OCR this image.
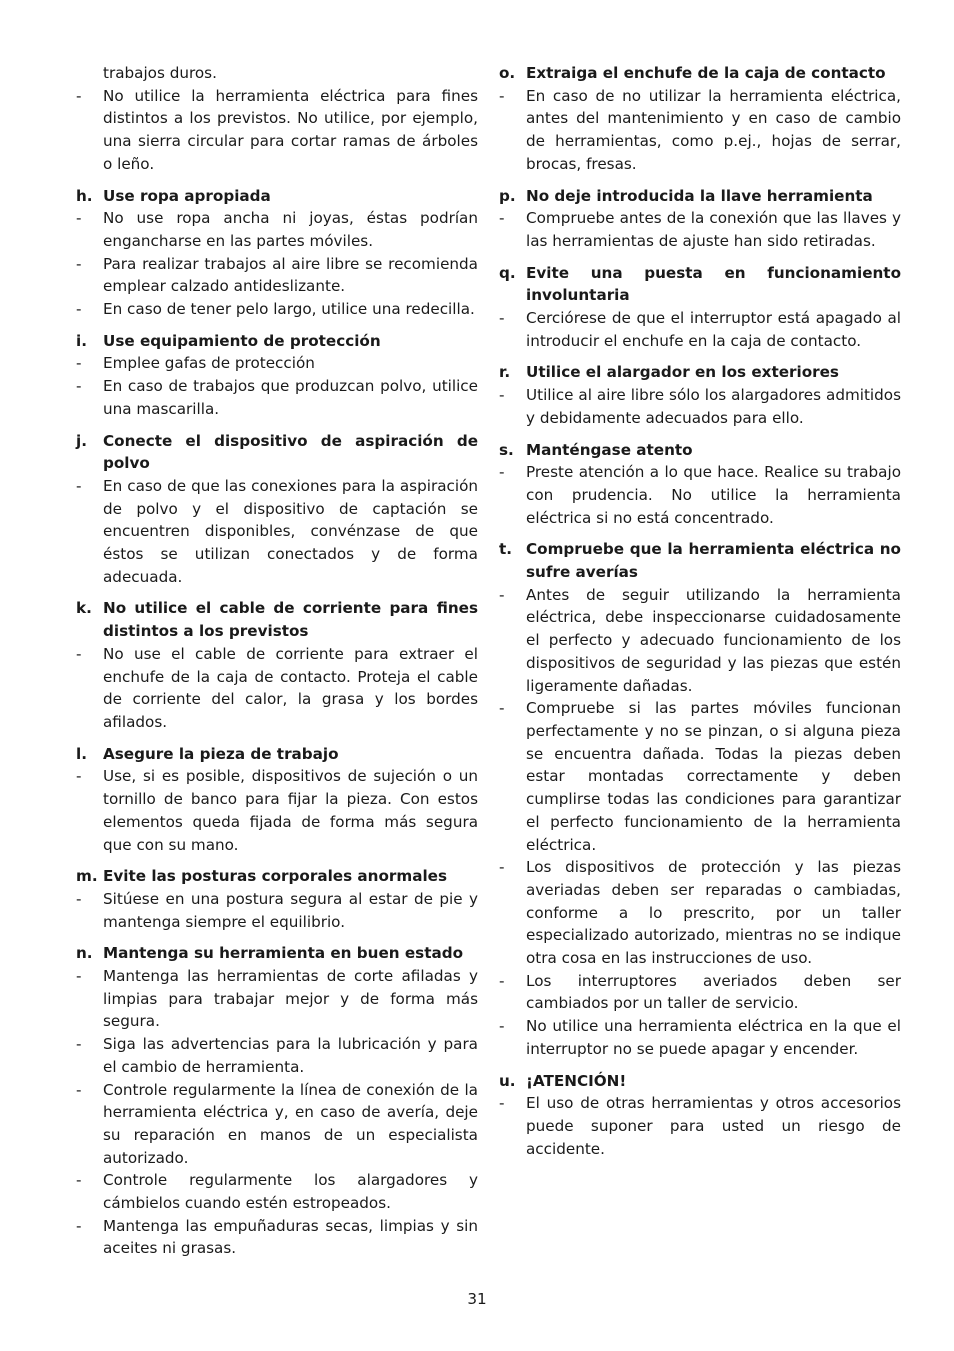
trabajos duros.
-	No utilice la herramienta eléctrica para fines distintos a los previstos. No utilice, por ejemplo, una sierra circular para cortar ramas de árboles o leño.
h. Use ropa apropiada
-	No use ropa ancha ni joyas, éstas podrían engancharse en las partes móviles.
-	Para realizar trabajos al aire libre se recomienda emplear calzado antideslizante.
-	En caso de tener pelo largo, utilice una redecilla.
i.	Use equipamiento de protección
-	Emplee gafas de protección
-	En caso de trabajos que produzcan polvo, utilice una mascarilla.
j.	Conecte el dispositivo de aspiración de polvo
-	En caso de que las conexiones para la aspiración de polvo y el dispositivo de captación se encuentren disponibles, convénzase de que éstos se utilizan conectados y de forma adecuada.
k. No utilice el cable de corriente para fines distintos a los previstos
-	No use el cable de corriente para extraer el enchufe de la caja de contacto. Proteja el cable de corriente del calor, la grasa y los bordes afilados.
l.	Asegure la pieza de trabajo
-	Use, si es posible, dispositivos de sujeción o un tornillo de banco para fijar la pieza. Con estos elementos queda fijada de forma más segura que con su mano.
m. Evite las posturas corporales anormales
-	Sitúese en una postura segura al estar de pie y mantenga siempre el equilibrio.
n. Mantenga su herramienta en buen estado
-	Mantenga las herramientas de corte afiladas y limpias para trabajar mejor y de forma más segura.
-	Siga las advertencias para la lubricación y para el cambio de herramienta.
-	Controle regularmente la línea de conexión de la herramienta eléctrica y, en caso de avería, deje su reparación en manos de un especialista autorizado.
-	Controle regularmente los alargadores y cámbielos cuando estén estropeados.
-	Mantenga las empuñaduras secas, limpias y sin aceites ni grasas.
o. Extraiga el enchufe de la caja de contacto
-	En caso de no utilizar la herramienta eléctrica, antes del mantenimiento y en caso de cambio de herramientas, como p.ej., hojas de serrar, brocas, fresas.
p. No deje introducida la llave herramienta
-	Compruebe antes de la conexión que las llaves y las herramientas de ajuste han sido retiradas.
q. Evite una puesta en funcionamiento involuntaria
-	Cerciórese de que el interruptor está apagado al introducir el enchufe en la caja de contacto.
r.	Utilice el alargador en los exteriores
-	Utilice al aire libre sólo los alargadores admitidos y debidamente adecuados para ello.
s. Manténgase atento
-	Preste atención a lo que hace. Realice su trabajo con prudencia. No utilice la herramienta eléctrica si no está concentrado.
t. Compruebe que la herramienta eléctrica no sufre averías
-	Antes de seguir utilizando la herramienta eléctrica, debe inspeccionarse cuidadosamente el perfecto y adecuado funcionamiento de los dispositivos de seguridad y las piezas que estén ligeramente dañadas.
-	Compruebe si las partes móviles funcionan perfectamente y no se pinzan, o si alguna pieza se encuentra dañada. Todas la piezas deben estar montadas correctamente y deben cumplirse todas las condiciones para garantizar el perfecto funcionamiento de la herramienta eléctrica.
-	Los dispositivos de protección y las piezas averiadas deben ser reparadas o cambiadas, conforme a lo prescrito, por un taller especializado autorizado, mientras no se indique otra cosa en las instrucciones de uso.
-	Los interruptores averiados deben ser cambiados por un taller de servicio.
-	No utilice una herramienta eléctrica en la que el interruptor no se puede apagar y encender.
u. ¡ATENCIÓN!
-	El uso de otras herramientas y otros accesorios puede suponer para usted un riesgo de accidente.
31
